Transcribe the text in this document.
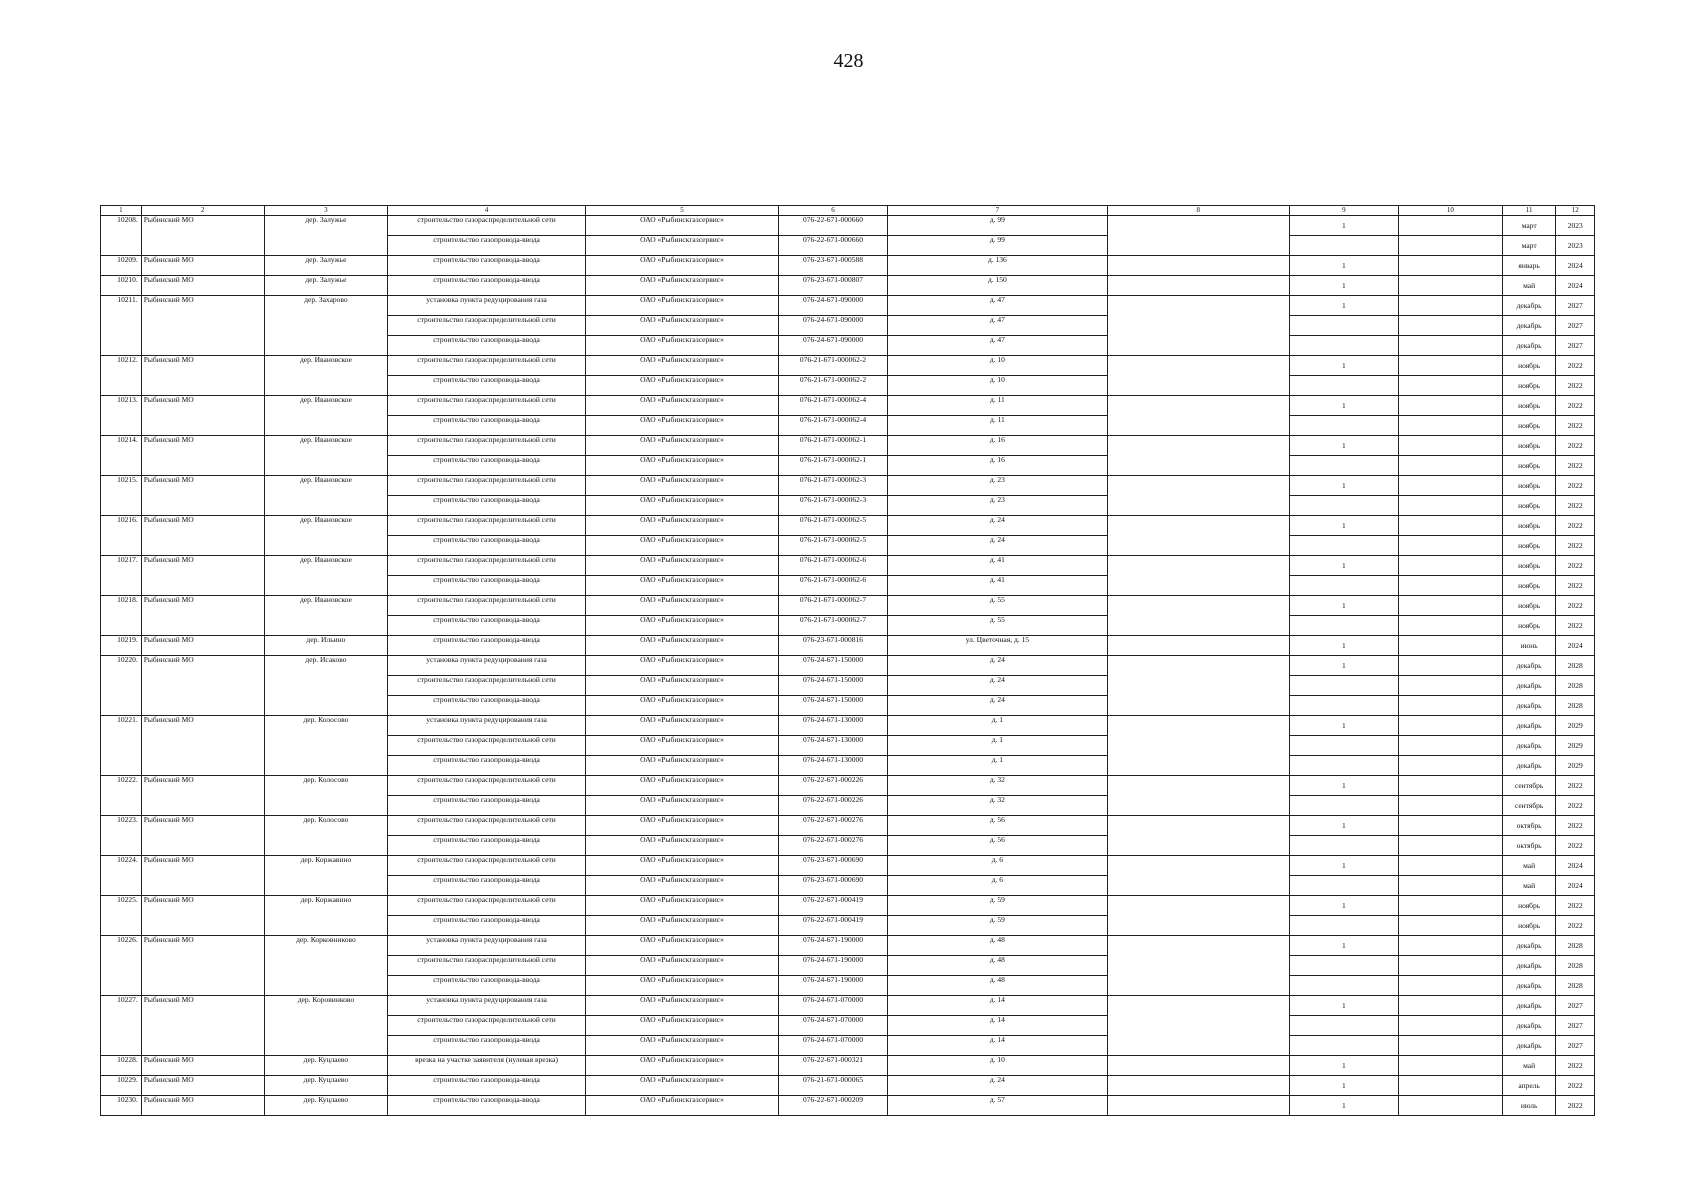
428
1	2	3	4	5	6	7	8	9	10	11	12
10208.	Рыбинский МО	дер. Залужье	строительство газораспределительной сети	ОАО «Рыбинскгазсервис»	076-22-671-000660	д. 99		1		март	2023
			строительство газопровода-ввода	ОАО «Рыбинскгазсервис»	076-22-671-000660	д. 99				март	2023
10209.	Рыбинский МО	дер. Залужье	строительство газопровода-ввода	ОАО «Рыбинскгазсервис»	076-23-671-000588	д. 136		1		январь	2024
10210.	Рыбинский МО	дер. Залужье	строительство газопровода-ввода	ОАО «Рыбинскгазсервис»	076-23-671-000807	д. 150		1		май	2024
10211.	Рыбинский МО	дер. Захарово	установка пункта редуцирования газа	ОАО «Рыбинскгазсервис»	076-24-671-090000	д. 47		1		декабрь	2027
			строительство газораспределительной сети	ОАО «Рыбинскгазсервис»	076-24-671-090000	д. 47				декабрь	2027
			строительство газопровода-ввода	ОАО «Рыбинскгазсервис»	076-24-671-090000	д. 47				декабрь	2027
10212.	Рыбинский МО	дер. Ивановское	строительство газораспределительной сети	ОАО «Рыбинскгазсервис»	076-21-671-000062-2	д. 10		1		ноябрь	2022
			строительство газопровода-ввода	ОАО «Рыбинскгазсервис»	076-21-671-000062-2	д. 10				ноябрь	2022
10213.	Рыбинский МО	дер. Ивановское	строительство газораспределительной сети	ОАО «Рыбинскгазсервис»	076-21-671-000062-4	д. 11		1		ноябрь	2022
			строительство газопровода-ввода	ОАО «Рыбинскгазсервис»	076-21-671-000062-4	д. 11				ноябрь	2022
10214.	Рыбинский МО	дер. Ивановское	строительство газораспределительной сети	ОАО «Рыбинскгазсервис»	076-21-671-000062-1	д. 16		1		ноябрь	2022
			строительство газопровода-ввода	ОАО «Рыбинскгазсервис»	076-21-671-000062-1	д. 16				ноябрь	2022
10215.	Рыбинский МО	дер. Ивановское	строительство газораспределительной сети	ОАО «Рыбинскгазсервис»	076-21-671-000062-3	д. 23		1		ноябрь	2022
			строительство газопровода-ввода	ОАО «Рыбинскгазсервис»	076-21-671-000062-3	д. 23				ноябрь	2022
10216.	Рыбинский МО	дер. Ивановское	строительство газораспределительной сети	ОАО «Рыбинскгазсервис»	076-21-671-000062-5	д. 24		1		ноябрь	2022
			строительство газопровода-ввода	ОАО «Рыбинскгазсервис»	076-21-671-000062-5	д. 24				ноябрь	2022
10217.	Рыбинский МО	дер. Ивановское	строительство газораспределительной сети	ОАО «Рыбинскгазсервис»	076-21-671-000062-6	д. 41		1		ноябрь	2022
			строительство газопровода-ввода	ОАО «Рыбинскгазсервис»	076-21-671-000062-6	д. 41				ноябрь	2022
10218.	Рыбинский МО	дер. Ивановское	строительство газораспределительной сети	ОАО «Рыбинскгазсервис»	076-21-671-000062-7	д. 55		1		ноябрь	2022
			строительство газопровода-ввода	ОАО «Рыбинскгазсервис»	076-21-671-000062-7	д. 55				ноябрь	2022
10219.	Рыбинский МО	дер. Ильино	строительство газопровода-ввода	ОАО «Рыбинскгазсервис»	076-23-671-000816	ул. Цветочная, д. 15		1		июнь	2024
10220.	Рыбинский МО	дер. Исаково	установка пункта редуцирования газа	ОАО «Рыбинскгазсервис»	076-24-671-150000	д. 24		1		декабрь	2028
			строительство газораспределительной сети	ОАО «Рыбинскгазсервис»	076-24-671-150000	д. 24				декабрь	2028
			строительство газопровода-ввода	ОАО «Рыбинскгазсервис»	076-24-671-150000	д. 24				декабрь	2028
10221.	Рыбинский МО	дер. Колосово	установка пункта редуцирования газа	ОАО «Рыбинскгазсервис»	076-24-671-130000	д. 1		1		декабрь	2029
			строительство газораспределительной сети	ОАО «Рыбинскгазсервис»	076-24-671-130000	д. 1				декабрь	2029
			строительство газопровода-ввода	ОАО «Рыбинскгазсервис»	076-24-671-130000	д. 1				декабрь	2029
10222.	Рыбинский МО	дер. Колосово	строительство газораспределительной сети	ОАО «Рыбинскгазсервис»	076-22-671-000226	д. 32		1		сентябрь	2022
			строительство газопровода-ввода	ОАО «Рыбинскгазсервис»	076-22-671-000226	д. 32				сентябрь	2022
10223.	Рыбинский МО	дер. Колосово	строительство газораспределительной сети	ОАО «Рыбинскгазсервис»	076-22-671-000276	д. 56		1		октябрь	2022
			строительство газопровода-ввода	ОАО «Рыбинскгазсервис»	076-22-671-000276	д. 56				октябрь	2022
10224.	Рыбинский МО	дер. Коржавино	строительство газораспределительной сети	ОАО «Рыбинскгазсервис»	076-23-671-000690	д. 6		1		май	2024
			строительство газопровода-ввода	ОАО «Рыбинскгазсервис»	076-23-671-000690	д. 6				май	2024
10225.	Рыбинский МО	дер. Коржавино	строительство газораспределительной сети	ОАО «Рыбинскгазсервис»	076-22-671-000419	д. 59		1		ноябрь	2022
			строительство газопровода-ввода	ОАО «Рыбинскгазсервис»	076-22-671-000419	д. 59				ноябрь	2022
10226.	Рыбинский МО	дер. Корковниково	установка пункта редуцирования газа	ОАО «Рыбинскгазсервис»	076-24-671-190000	д. 48		1		декабрь	2028
			строительство газораспределительной сети	ОАО «Рыбинскгазсервис»	076-24-671-190000	д. 48				декабрь	2028
			строительство газопровода-ввода	ОАО «Рыбинскгазсервис»	076-24-671-190000	д. 48				декабрь	2028
10227.	Рыбинский МО	дер. Коровинково	установка пункта редуцирования газа	ОАО «Рыбинскгазсервис»	076-24-671-070000	д. 14		1		декабрь	2027
			строительство газораспределительной сети	ОАО «Рыбинскгазсервис»	076-24-671-070000	д. 14				декабрь	2027
			строительство газопровода-ввода	ОАО «Рыбинскгазсервис»	076-24-671-070000	д. 14				декабрь	2027
10228.	Рыбинский МО	дер. Куцлаево	врезка на участке заявителя (нулевая врезка)	ОАО «Рыбинскгазсервис»	076-22-671-000321	д. 10		1		май	2022
10229.	Рыбинский МО	дер. Куцлаево	строительство газопровода-ввода	ОАО «Рыбинскгазсервис»	076-21-671-000065	д. 24		1		апрель	2022
10230.	Рыбинский МО	дер. Куцлаево	строительство газопровода-ввода	ОАО «Рыбинскгазсервис»	076-22-671-000209	д. 57		1		июль	2022
